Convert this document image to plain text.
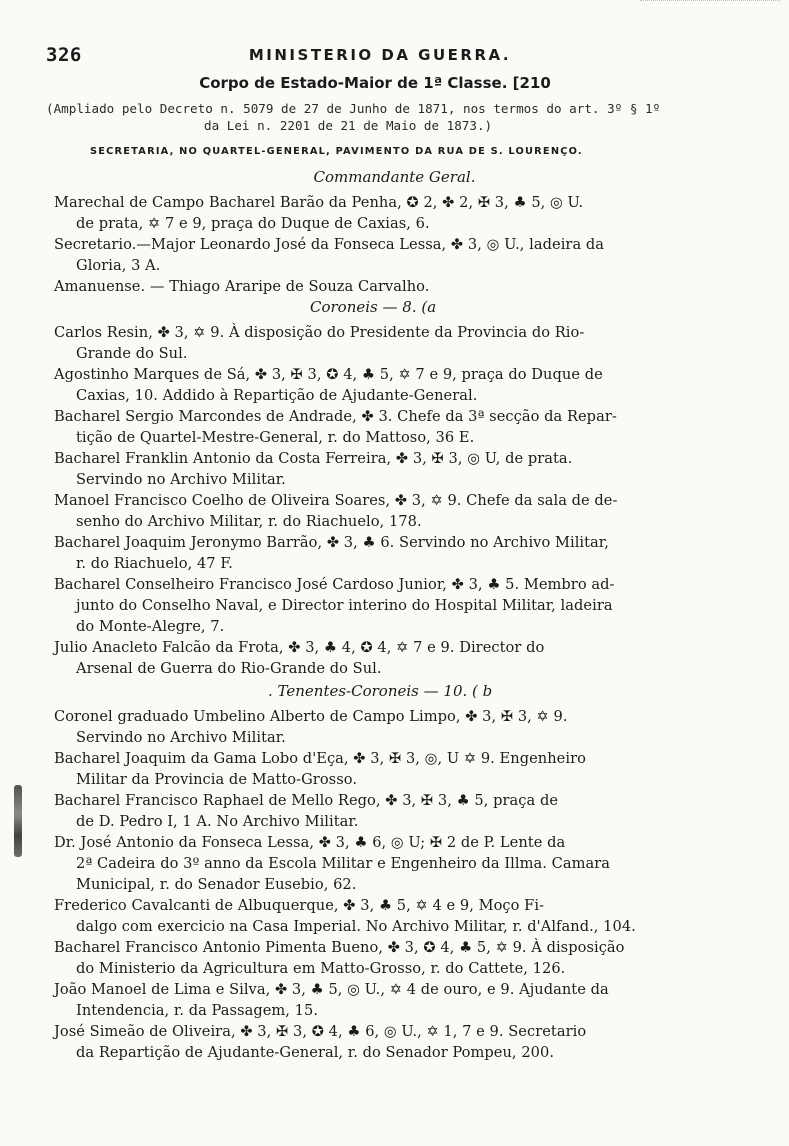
326	MINISTERIO DA GUERRA.
Corpo de Estado-Maior de 1ª Classe. [210
(Ampliado pelo Decreto n. 5079 de 27 de Junho de 1871, nos termos do art. 3º § 1º
da Lei n. 2201 de 21 de Maio de 1873.)
SECRETARIA, NO QUARTEL-GENERAL, PAVIMENTO DA RUA DE S. LOURENÇO.
Commandante Geral.
Marechal de Campo Bacharel Barão da Penha, ✪ 2, ✤ 2, ✠ 3, ♣ 5, ◎ U.
de prata, ✡ 7 e 9, praça do Duque de Caxias, 6.
Secretario.—Major Leonardo José da Fonseca Lessa, ✤ 3, ◎ U., ladeira da
Gloria, 3 A.
Amanuense. — Thiago Araripe de Souza Carvalho.
Coroneis — 8. (a
Carlos Resin, ✤ 3, ✡ 9. À disposição do Presidente da Provincia do Rio-
Grande do Sul.
Agostinho Marques de Sá, ✤ 3, ✠ 3, ✪ 4, ♣ 5, ✡ 7 e 9, praça do Duque de
Caxias, 10. Addido à Repartição de Ajudante-General.
Bacharel Sergio Marcondes de Andrade, ✤ 3. Chefe da 3ª secção da Repar-
tição de Quartel-Mestre-General, r. do Mattoso, 36 E.
Bacharel Franklin Antonio da Costa Ferreira, ✤ 3, ✠ 3, ◎ U, de prata.
Servindo no Archivo Militar.
Manoel Francisco Coelho de Oliveira Soares, ✤ 3, ✡ 9. Chefe da sala de de-
senho do Archivo Militar, r. do Riachuelo, 178.
Bacharel Joaquim Jeronymo Barrão, ✤ 3, ♣ 6. Servindo no Archivo Militar,
r. do Riachuelo, 47 F.
Bacharel Conselheiro Francisco José Cardoso Junior, ✤ 3, ♣ 5. Membro ad-
junto do Conselho Naval, e Director interino do Hospital Militar, ladeira
do Monte-Alegre, 7.
Julio Anacleto Falcão da Frota, ✤ 3, ♣ 4, ✪ 4, ✡ 7 e 9. Director do
Arsenal de Guerra do Rio-Grande do Sul.
. Tenentes-Coroneis — 10. ( b
Coronel graduado Umbelino Alberto de Campo Limpo, ✤ 3, ✠ 3, ✡ 9.
Servindo no Archivo Militar.
Bacharel Joaquim da Gama Lobo d'Eça, ✤ 3, ✠ 3, ◎, U ✡ 9. Engenheiro
Militar da Provincia de Matto-Grosso.
Bacharel Francisco Raphael de Mello Rego, ✤ 3, ✠ 3, ♣ 5, praça de
de D. Pedro I, 1 A. No Archivo Militar.
Dr. José Antonio da Fonseca Lessa, ✤ 3, ♣ 6, ◎ U; ✠ 2 de P. Lente da
2ª Cadeira do 3º anno da Escola Militar e Engenheiro da Illma. Camara
Municipal, r. do Senador Eusebio, 62.
Frederico Cavalcanti de Albuquerque, ✤ 3, ♣ 5, ✡ 4 e 9, Moço Fi-
dalgo com exercicio na Casa Imperial. No Archivo Militar, r. d'Alfand., 104.
Bacharel Francisco Antonio Pimenta Bueno, ✤ 3, ✪ 4, ♣ 5, ✡ 9. À disposição
do Ministerio da Agricultura em Matto-Grosso, r. do Cattete, 126.
João Manoel de Lima e Silva, ✤ 3, ♣ 5, ◎ U., ✡ 4 de ouro, e 9. Ajudante da
Intendencia, r. da Passagem, 15.
José Simeão de Oliveira, ✤ 3, ✠ 3, ✪ 4, ♣ 6, ◎ U., ✡ 1, 7 e 9. Secretario
da Repartição de Ajudante-General, r. do Senador Pompeu, 200.
